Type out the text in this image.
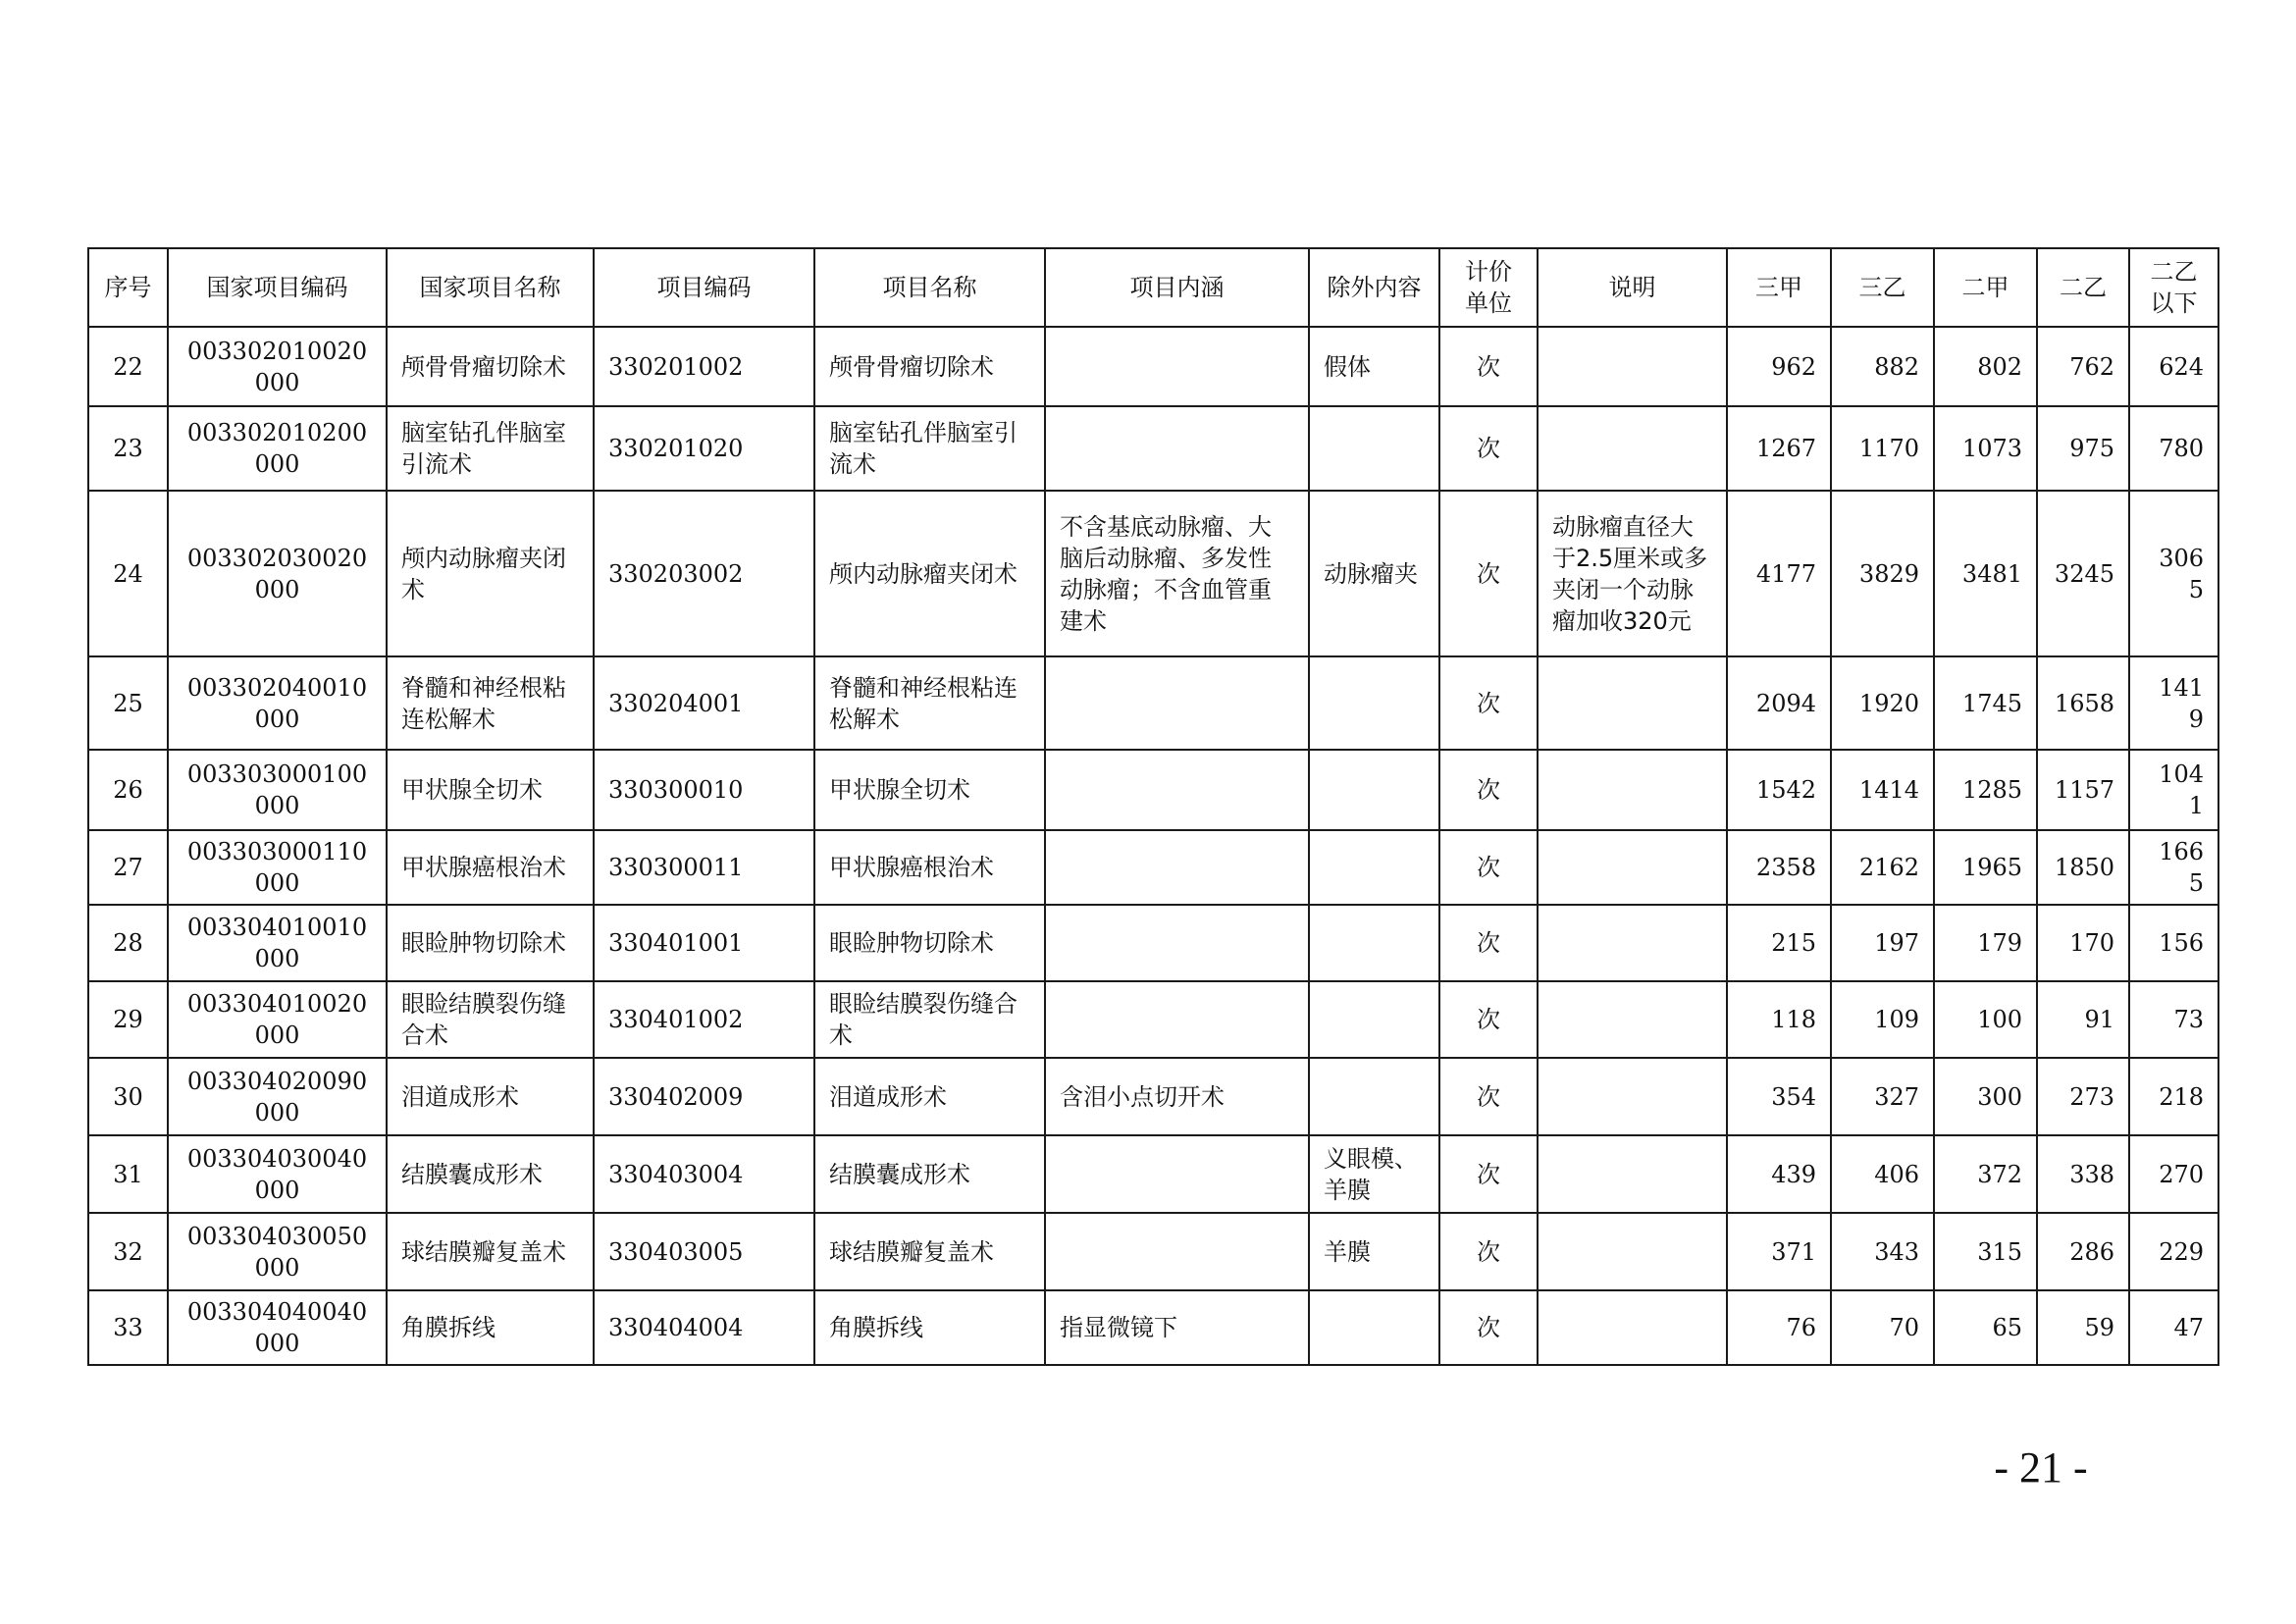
序号	国家项目编码	国家项目名称	项目编码	项目名称	项目内涵	除外内容	计价单位	说明	三甲	三乙	二甲	二乙	二乙以下
22	003302010020000	颅骨骨瘤切除术	330201002	颅骨骨瘤切除术		假体	次		962	882	802	762	624
23	003302010200000	脑室钻孔伴脑室引流术	330201020	脑室钻孔伴脑室引流术			次		1267	1170	1073	975	780
24	003302030020000	颅内动脉瘤夹闭术	330203002	颅内动脉瘤夹闭术	不含基底动脉瘤、大脑后动脉瘤、多发性动脉瘤；不含血管重建术	动脉瘤夹	次	动脉瘤直径大于2.5厘米或多夹闭一个动脉瘤加收320元	4177	3829	3481	3245	3065
25	003302040010000	脊髓和神经根粘连松解术	330204001	脊髓和神经根粘连松解术			次		2094	1920	1745	1658	1419
26	003303000100000	甲状腺全切术	330300010	甲状腺全切术			次		1542	1414	1285	1157	1041
27	003303000110000	甲状腺癌根治术	330300011	甲状腺癌根治术			次		2358	2162	1965	1850	1665
28	003304010010000	眼睑肿物切除术	330401001	眼睑肿物切除术			次		215	197	179	170	156
29	003304010020000	眼睑结膜裂伤缝合术	330401002	眼睑结膜裂伤缝合术			次		118	109	100	91	73
30	003304020090000	泪道成形术	330402009	泪道成形术	含泪小点切开术		次		354	327	300	273	218
31	003304030040000	结膜囊成形术	330403004	结膜囊成形术		义眼模、羊膜	次		439	406	372	338	270
32	003304030050000	球结膜瓣复盖术	330403005	球结膜瓣复盖术		羊膜	次		371	343	315	286	229
33	003304040040000	角膜拆线	330404004	角膜拆线	指显微镜下		次		76	70	65	59	47
- 21 -
